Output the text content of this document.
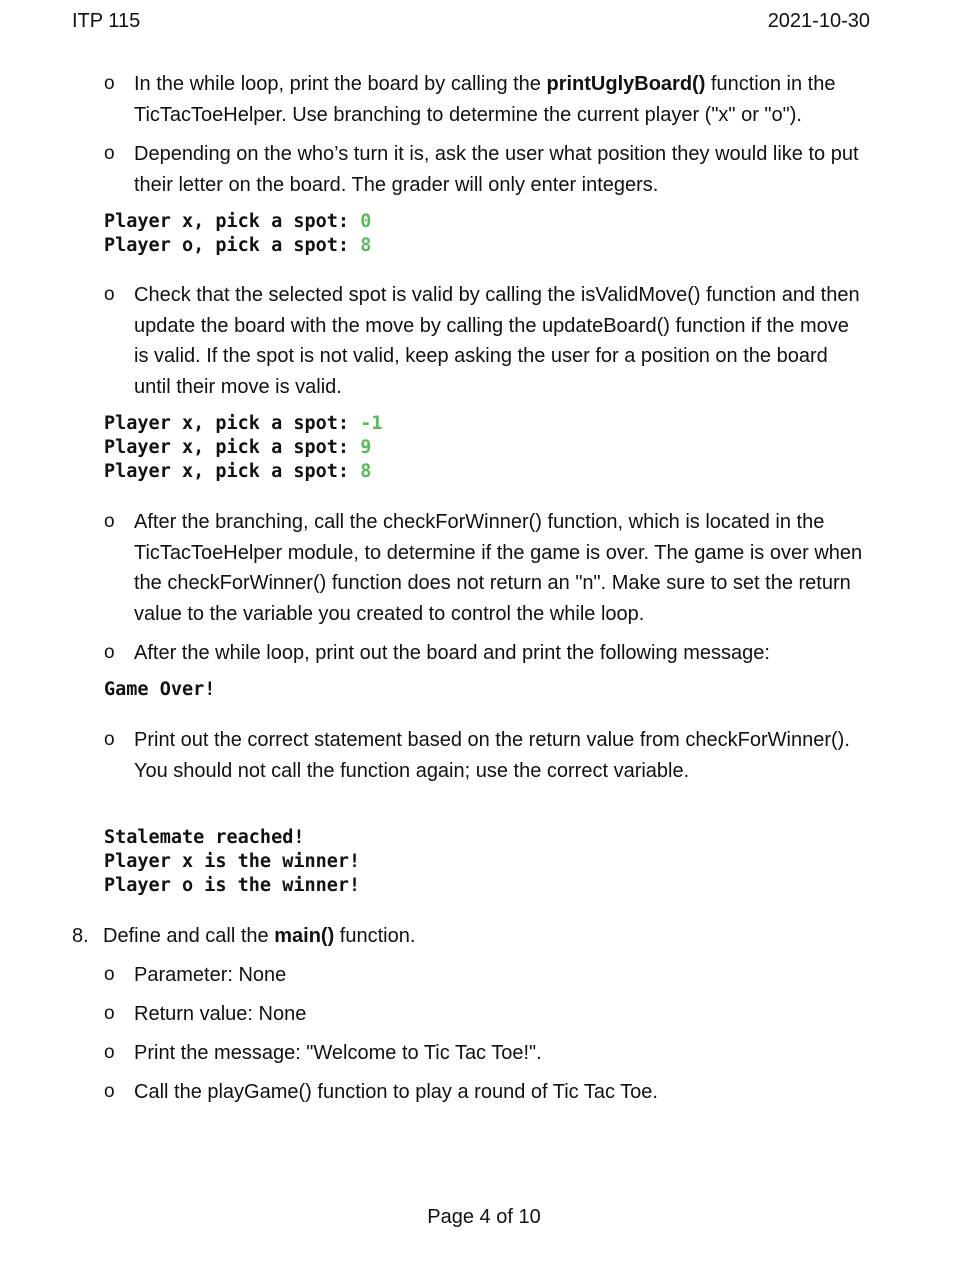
ITP 115	2021-10-30
o In the while loop, print the board by calling the printUglyBoard() function in the TicTacToeHelper. Use branching to determine the current player ("x" or "o").
o Depending on the who’s turn it is, ask the user what position they would like to put their letter on the board. The grader will only enter integers.
Player x, pick a spot: 0
Player o, pick a spot: 8
o Check that the selected spot is valid by calling the isValidMove() function and then update the board with the move by calling the updateBoard() function if the move is valid. If the spot is not valid, keep asking the user for a position on the board until their move is valid.
Player x, pick a spot: -1
Player x, pick a spot: 9
Player x, pick a spot: 8
o After the branching, call the checkForWinner() function, which is located in the TicTacToeHelper module, to determine if the game is over. The game is over when the checkForWinner() function does not return an "n". Make sure to set the return value to the variable you created to control the while loop.
o After the while loop, print out the board and print the following message:
Game Over!
o Print out the correct statement based on the return value from checkForWinner(). You should not call the function again; use the correct variable.
Stalemate reached!
Player x is the winner!
Player o is the winner!
8. Define and call the main() function.
o Parameter: None
o Return value: None
o Print the message: "Welcome to Tic Tac Toe!".
o Call the playGame() function to play a round of Tic Tac Toe.
Page 4 of 10
